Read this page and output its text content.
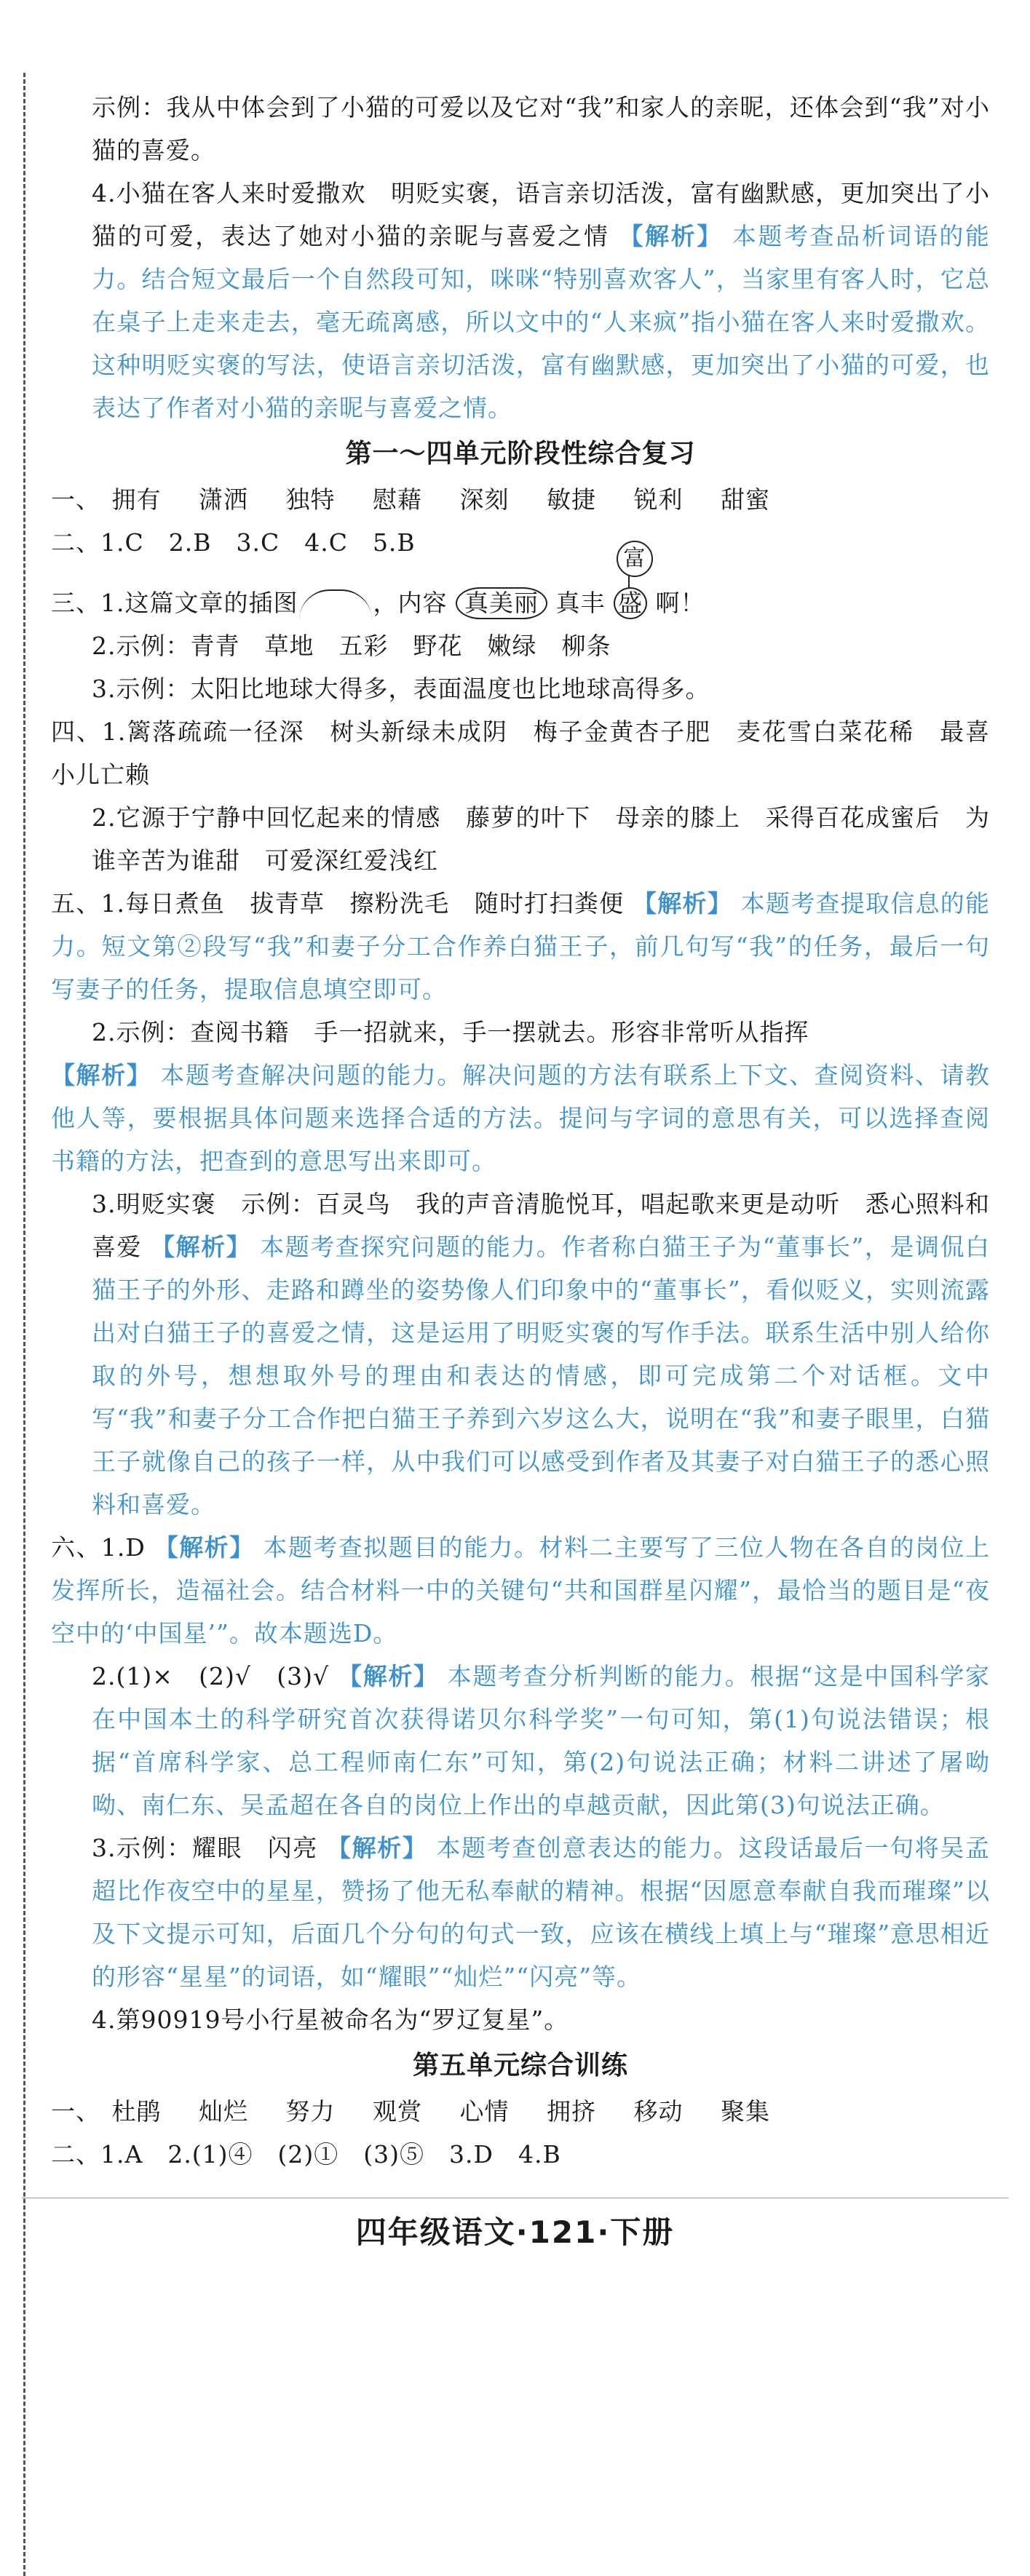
示例：我从中体会到了小猫的可爱以及它对“我”和家人的亲昵，还体会到“我”对小猫的喜爱。

4.小猫在客人来时爱撒欢　明贬实褒，语言亲切活泼，富有幽默感，更加突出了小猫的可爱，表达了她对小猫的亲昵与喜爱之情 【解析】 本题考查品析词语的能力。结合短文最后一个自然段可知，咪咪“特别喜欢客人”，当家里有客人时，它总在桌子上走来走去，毫无疏离感，所以文中的“人来疯”指小猫在客人来时爱撒欢。这种明贬实褒的写法，使语言亲切活泼，富有幽默感，更加突出了小猫的可爱，也表达了作者对小猫的亲昵与喜爱之情。

第一～四单元阶段性综合复习

一、 拥有 潇洒 独特 慰藉 深刻 敏捷 锐利 甜蜜

二、1.C　2.B　3.C　4.C　5.B

三、1.这篇文章的插图	，内容 真美丽 真丰 盛
富
啊！

2.示例：青青　草地　五彩　野花　嫩绿　柳条

3.示例：太阳比地球大得多，表面温度也比地球高得多。

四、1.篱落疏疏一径深　树头新绿未成阴　梅子金黄杏子肥　麦花雪白菜花稀　最喜小儿亡赖

2.它源于宁静中回忆起来的情感　藤萝的叶下　母亲的膝上　采得百花成蜜后　为谁辛苦为谁甜　可爱深红爱浅红

五、1.每日煮鱼　拔青草　擦粉洗毛　随时打扫粪便 【解析】 本题考查提取信息的能力。短文第②段写“我”和妻子分工合作养白猫王子，前几句写“我”的任务，最后一句写妻子的任务，提取信息填空即可。

2.示例：查阅书籍　手一招就来，手一摆就去。形容非常听从指挥

【解析】 本题考查解决问题的能力。解决问题的方法有联系上下文、查阅资料、请教他人等，要根据具体问题来选择合适的方法。提问与字词的意思有关，可以选择查阅书籍的方法，把查到的意思写出来即可。

3.明贬实褒　示例：百灵鸟　我的声音清脆悦耳，唱起歌来更是动听　悉心照料和喜爱 【解析】 本题考查探究问题的能力。作者称白猫王子为“董事长”，是调侃白猫王子的外形、走路和蹲坐的姿势像人们印象中的“董事长”，看似贬义，实则流露出对白猫王子的喜爱之情，这是运用了明贬实褒的写作手法。联系生活中别人给你取的外号，想想取外号的理由和表达的情感，即可完成第二个对话框。文中写“我”和妻子分工合作把白猫王子养到六岁这么大，说明在“我”和妻子眼里，白猫王子就像自己的孩子一样，从中我们可以感受到作者及其妻子对白猫王子的悉心照料和喜爱。

六、1.D 【解析】 本题考查拟题目的能力。材料二主要写了三位人物在各自的岗位上发挥所长，造福社会。结合材料一中的关键句“共和国群星闪耀”，最恰当的题目是“夜空中的‘中国星’”。故本题选D。

2.(1)×　(2)√　(3)√ 【解析】 本题考查分析判断的能力。根据“这是中国科学家在中国本土的科学研究首次获得诺贝尔科学奖”一句可知，第(1)句说法错误；根据“首席科学家、总工程师南仁东”可知，第(2)句说法正确；材料二讲述了屠呦呦、南仁东、吴孟超在各自的岗位上作出的卓越贡献，因此第(3)句说法正确。

3.示例：耀眼　闪亮 【解析】 本题考查创意表达的能力。这段话最后一句将吴孟超比作夜空中的星星，赞扬了他无私奉献的精神。根据“因愿意奉献自我而璀璨”以及下文提示可知，后面几个分句的句式一致，应该在横线上填上与“璀璨”意思相近的形容“星星”的词语，如“耀眼”“灿烂”“闪亮”等。

4.第90919号小行星被命名为“罗辽复星”。

第五单元综合训练

一、 杜鹃 灿烂 努力 观赏 心情 拥挤 移动 聚集

二、1.A　2.(1)④　(2)①　(3)⑤　3.D　4.B

四年级语文·121·下册
